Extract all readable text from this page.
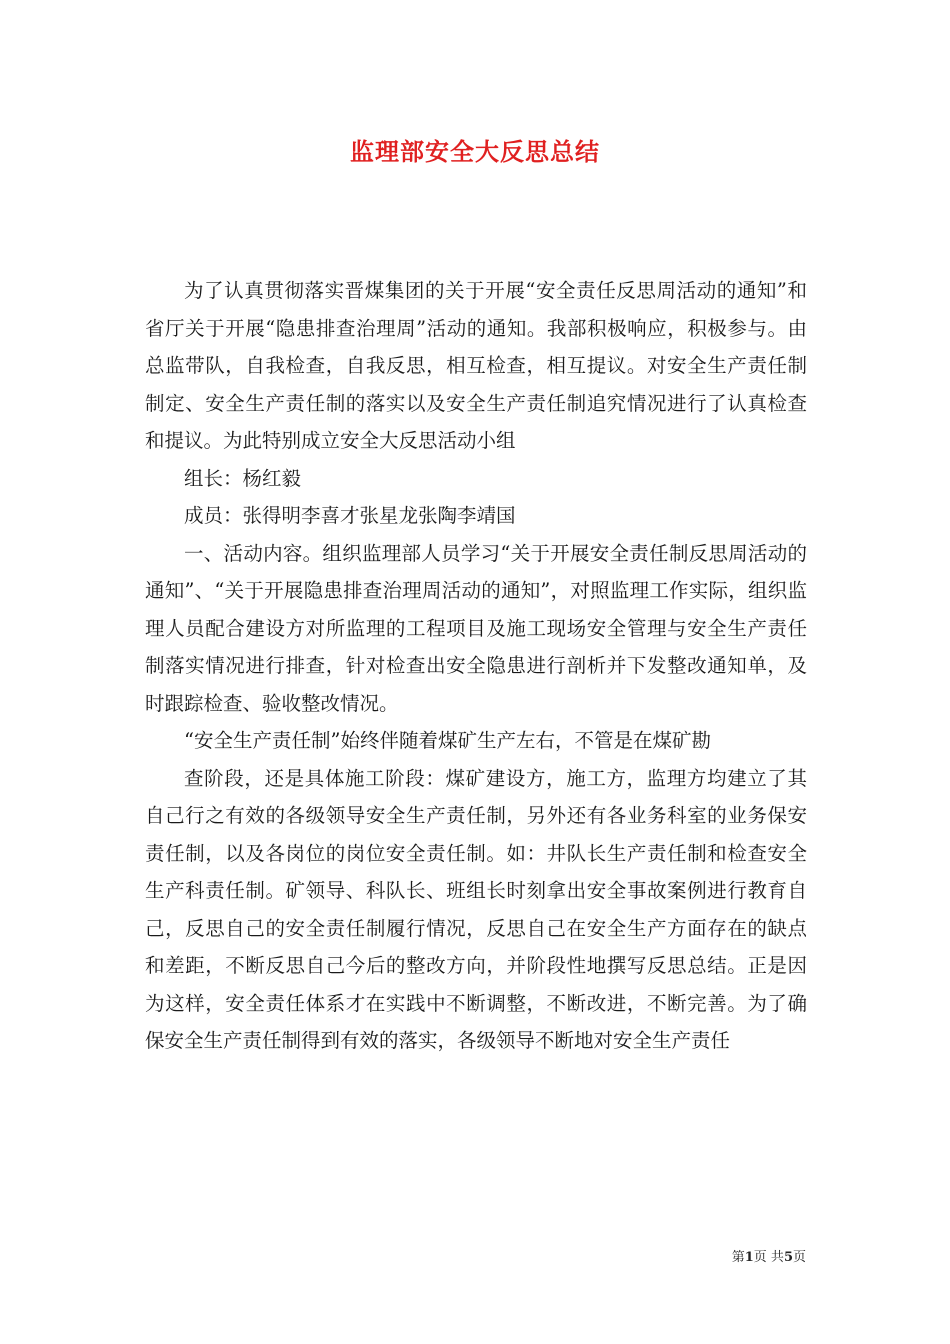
监理部安全大反思总结

为了认真贯彻落实晋煤集团的关于开展“安全责任反思周活动的通知”和省厅关于开展“隐患排查治理周”活动的通知。我部积极响应，积极参与。由总监带队，自我检查，自我反思，相互检查，相互提议。对安全生产责任制制定、安全生产责任制的落实以及安全生产责任制追究情况进行了认真检查和提议。为此特别成立安全大反思活动小组

组长：杨红毅

成员：张得明李喜才张星龙张陶李靖国

一、活动内容。组织监理部人员学习“关于开展安全责任制反思周活动的通知”、“关于开展隐患排查治理周活动的通知”，对照监理工作实际，组织监理人员配合建设方对所监理的工程项目及施工现场安全管理与安全生产责任制落实情况进行排查，针对检查出安全隐患进行剖析并下发整改通知单，及时跟踪检查、验收整改情况。

“安全生产责任制”始终伴随着煤矿生产左右，不管是在煤矿勘

查阶段，还是具体施工阶段：煤矿建设方，施工方，监理方均建立了其自己行之有效的各级领导安全生产责任制，另外还有各业务科室的业务保安责任制，以及各岗位的岗位安全责任制。如：井队长生产责任制和检查安全生产科责任制。矿领导、科队长、班组长时刻拿出安全事故案例进行教育自己，反思自己的安全责任制履行情况，反思自己在安全生产方面存在的缺点和差距，不断反思自己今后的整改方向，并阶段性地撰写反思总结。正是因为这样，安全责任体系才在实践中不断调整，不断改进，不断完善。为了确保安全生产责任制得到有效的落实，各级领导不断地对安全生产责任

第1页 共5页
